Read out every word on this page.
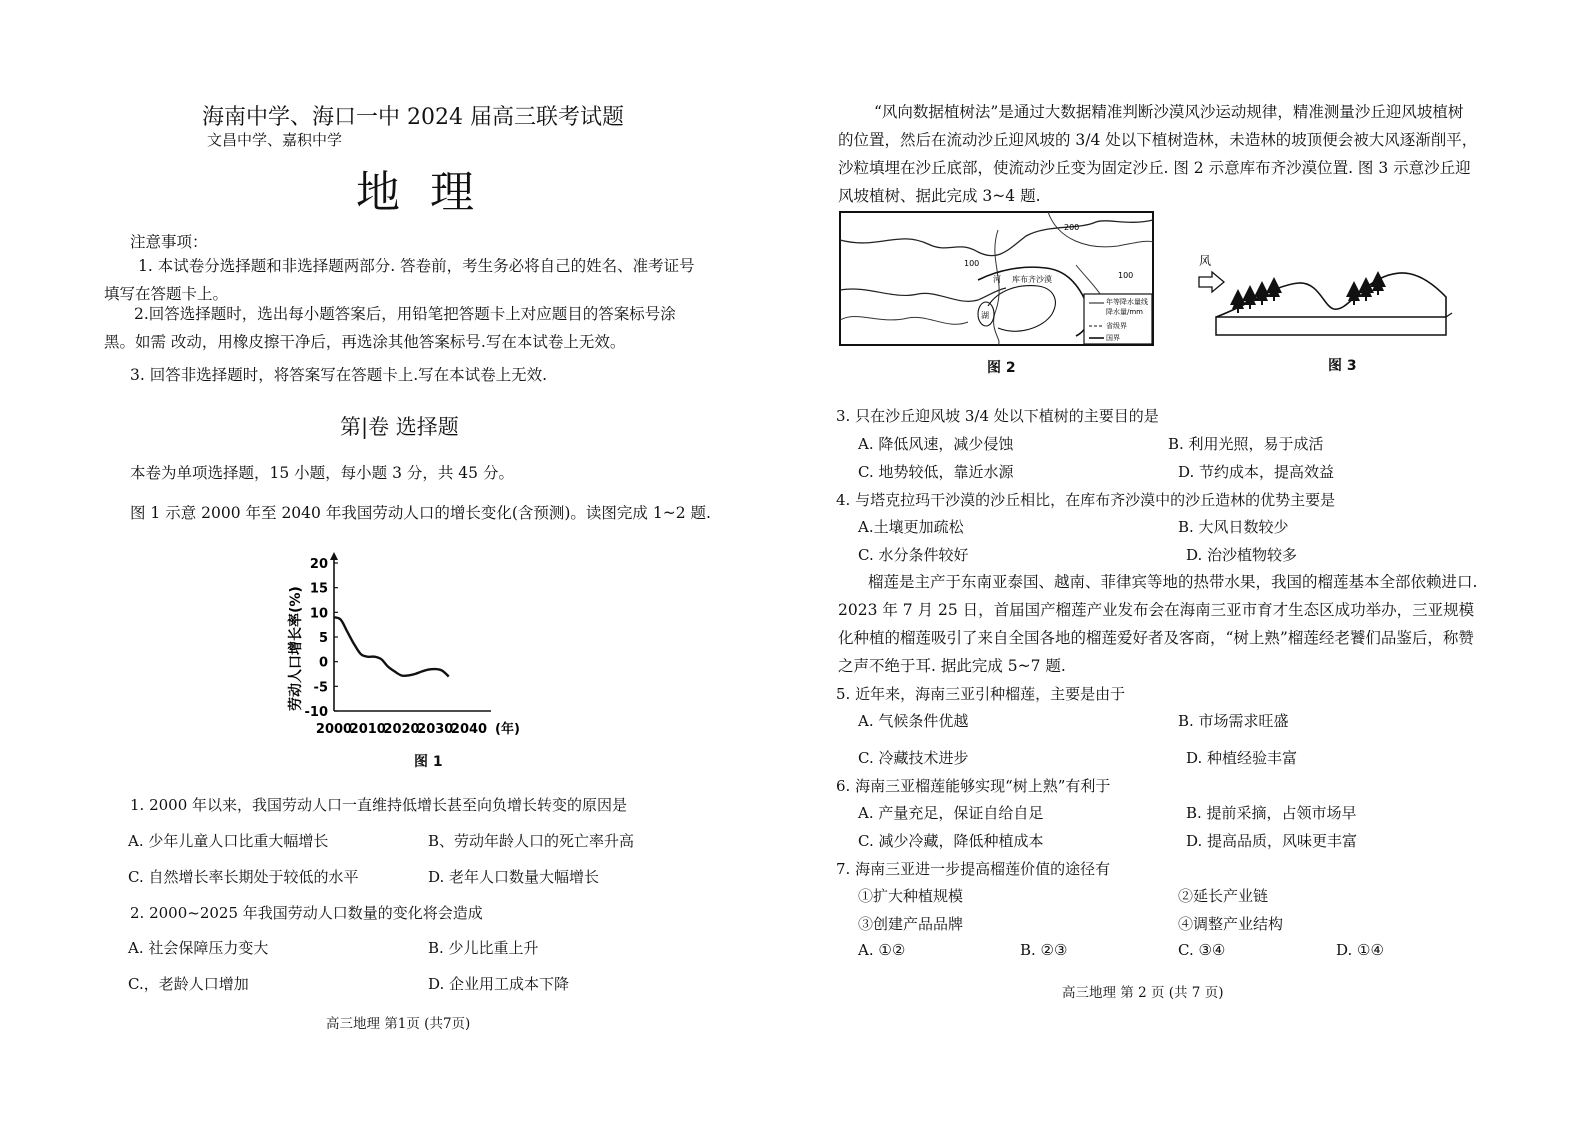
海南中学、海口一中 2024 届高三联考试题
文昌中学、嘉积中学
地理
注意事项：
1. 本试卷分选择题和非选择题两部分. 答卷前，考生务必将自己的姓名、准考证号填写在答题卡上。
2.回答选择题时，选出每小题答案后，用铅笔把答题卡上对应题目的答案标号涂黑。如需 改动，用橡皮擦干净后，再选涂其他答案标号.写在本试卷上无效。
3. 回答非选择题时，将答案写在答题卡上.写在本试卷上无效.
第|卷 选择题
本卷为单项选择题，15 小题，每小题 3 分，共 45 分。
图 1 示意 2000 年至 2040 年我国劳动人口的增长变化(含预测)。读图完成 1~2 题.
20
15
10
5
0
-5
-10
2000
2010
2020
2030
2040
劳动人口增长率(%)
(年)
图 1
1. 2000 年以来，我国劳动人口一直维持低增长甚至向负增长转变的原因是
A. 少年儿童人口比重大幅增长	B、劳动年龄人口的死亡率升高
C. 自然增长率长期处于较低的水平	D. 老年人口数量大幅增长
2. 2000~2025 年我国劳动人口数量的变化将会造成
A. 社会保障压力变大	B. 少儿比重上升
C.，老龄人口增加	D. 企业用工成本下降
高三地理 第1页 (共7页)
“风向数据植树法”是通过大数据精准判断沙漠风沙运动规律，精准测量沙丘迎风坡植树的位置，然后在流动沙丘迎风坡的 3/4 处以下植树造林，未造林的坡顶便会被大风逐渐削平，沙粒填埋在沙丘底部，使流动沙丘变为固定沙丘. 图 2 示意库布齐沙漠位置. 图 3 示意沙丘迎风坡植树、据此完成 3~4 题.
100
200
100
河 库布齐沙漠
湖
年等降水量线
降水量/mm
省级界
国界
图 2
风
图 3
3. 只在沙丘迎风坡 3/4 处以下植树的主要目的是
A. 降低风速，减少侵蚀	B. 利用光照，易于成活
C. 地势较低，靠近水源	D. 节约成本，提高效益
4. 与塔克拉玛干沙漠的沙丘相比，在库布齐沙漠中的沙丘造林的优势主要是
A.土壤更加疏松	B. 大风日数较少
C. 水分条件较好	D. 治沙植物较多
榴莲是主产于东南亚泰国、越南、菲律宾等地的热带水果，我国的榴莲基本全部依赖进口. 2023 年 7 月 25 日，首届国产榴莲产业发布会在海南三亚市育才生态区成功举办，三亚规模化种植的榴莲吸引了来自全国各地的榴莲爱好者及客商，“树上熟”榴莲经老饕们品鉴后，称赞之声不绝于耳. 据此完成 5~7 题.
5. 近年来，海南三亚引种榴莲，主要是由于
A. 气候条件优越	B. 市场需求旺盛
C. 冷藏技术进步	D. 种植经验丰富
6. 海南三亚榴莲能够实现“树上熟”有利于
A. 产量充足，保证自给自足	B. 提前采摘，占领市场早
C. 减少冷藏，降低种植成本	D. 提高品质，风味更丰富
7. 海南三亚进一步提高榴莲价值的途径有
①扩大种植规模	②延长产业链
③创建产品品牌	④调整产业结构
A. ①②	B. ②③	C. ③④	D. ①④
高三地理 第 2 页 (共 7 页)
